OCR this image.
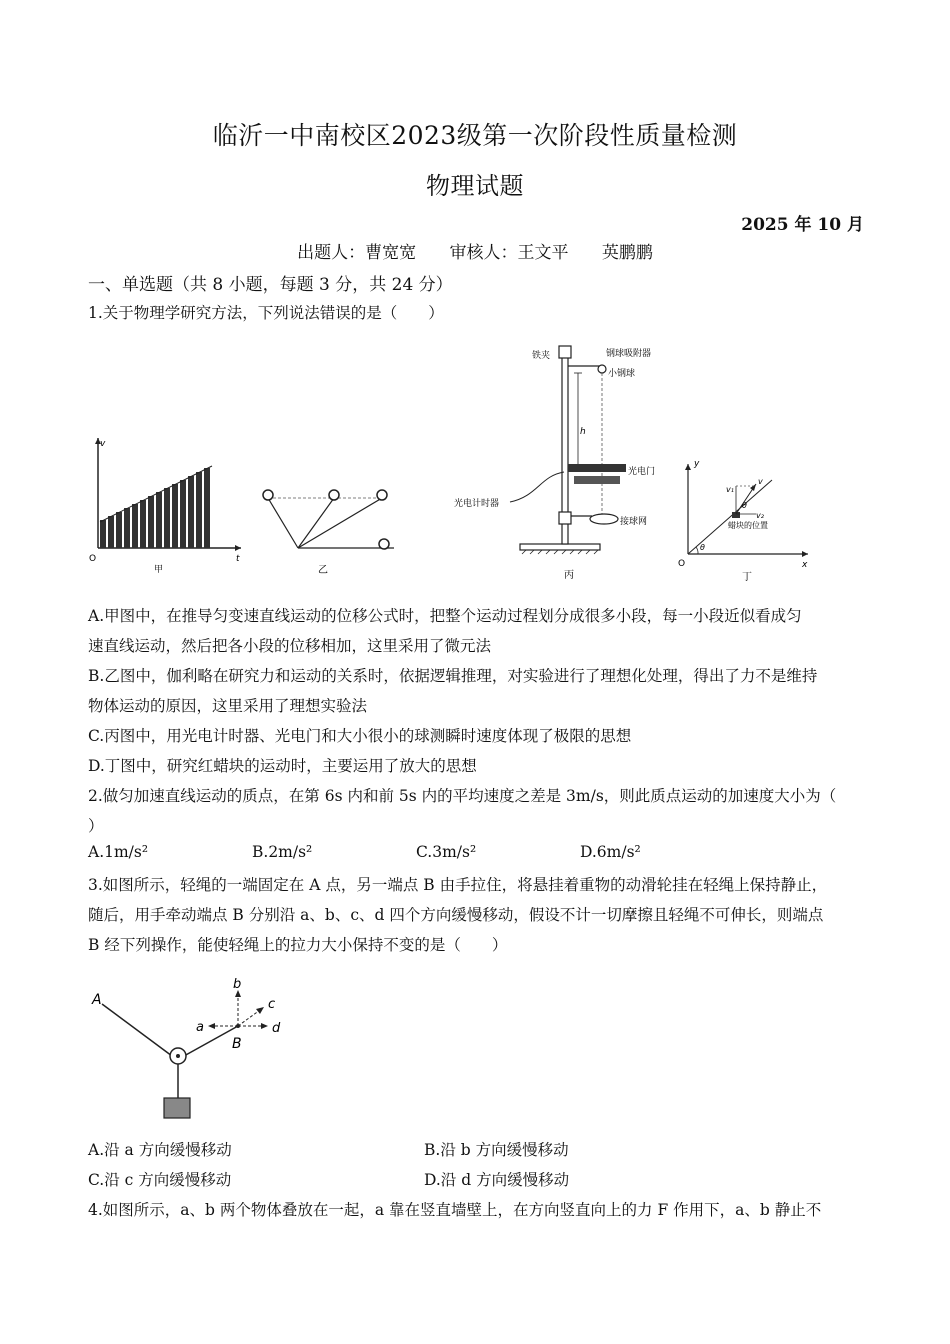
临沂一中南校区2023级第一次阶段性质量检测
物理试题
2025 年 10 月
出题人：曹宽宽 审核人：王文平 英鹏鹏
一、单选题（共 8 小题，每题 3 分，共 24 分）
1.关于物理学研究方法，下列说法错误的是（　　）
v
t
O
甲	乙
铁夹	钢球吸附器
小钢球
h
光电门
光电计时器
接球网
丙
θ
θ
v
v₁
v₂
蜡块的位置
y
x
O
丁
A.甲图中，在推导匀变速直线运动的位移公式时，把整个运动过程划分成很多小段，每一小段近似看成匀
速直线运动，然后把各小段的位移相加，这里采用了微元法
B.乙图中，伽利略在研究力和运动的关系时，依据逻辑推理，对实验进行了理想化处理，得出了力不是维持
物体运动的原因，这里采用了理想实验法
C.丙图中，用光电计时器、光电门和大小很小的球测瞬时速度体现了极限的思想
D.丁图中，研究红蜡块的运动时，主要运用了放大的思想
2.做匀加速直线运动的质点，在第 6s 内和前 5s 内的平均速度之差是 3m/s，则此质点运动的加速度大小为（
）
A.1m/s²	B.2m/s²	C.3m/s²	D.6m/s²
3.如图所示，轻绳的一端固定在 A 点，另一端点 B 由手拉住，将悬挂着重物的动滑轮挂在轻绳上保持静止，
随后，用手牵动端点 B 分别沿 a、b、c、d 四个方向缓慢移动，假设不计一切摩擦且轻绳不可伸长，则端点
B 经下列操作，能使轻绳上的拉力大小保持不变的是（　　）
A
B
a
b
c
d
A.沿 a 方向缓慢移动	B.沿 b 方向缓慢移动
C.沿 c 方向缓慢移动	D.沿 d 方向缓慢移动
4.如图所示，a、b 两个物体叠放在一起，a 靠在竖直墙壁上，在方向竖直向上的力 F 作用下，a、b 静止不
